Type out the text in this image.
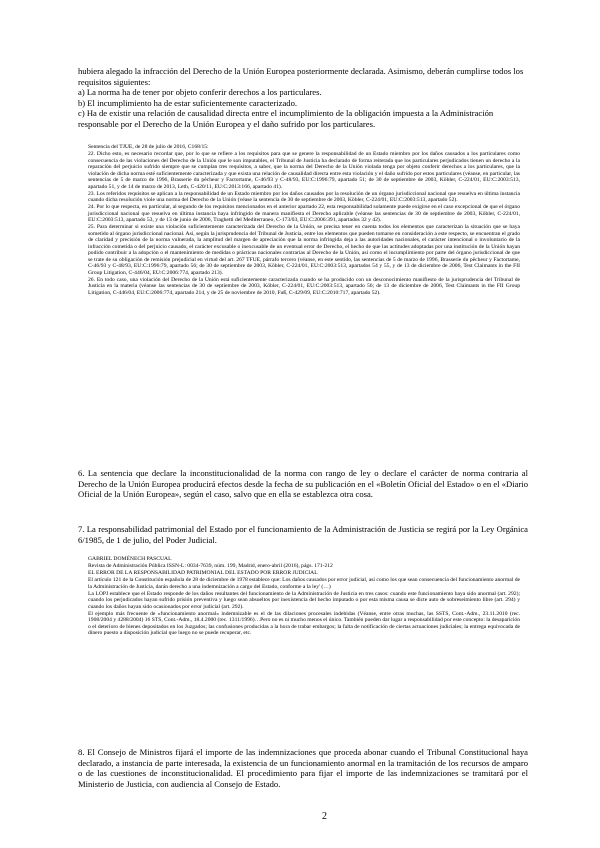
hubiera alegado la infracción del Derecho de la Unión Europea posteriormente declarada. Asimismo, deberán cumplirse todos los requisitos siguientes:
a) La norma ha de tener por objeto conferir derechos a los particulares.
b) El incumplimiento ha de estar suficientemente caracterizado.
c) Ha de existir una relación de causalidad directa entre el incumplimiento de la obligación impuesta a la Administración responsable por el Derecho de la Unión Europea y el daño sufrido por los particulares.
Sentencia del TJUE, de 28 de julio de 2016, C168/15:
22. Dicho esto, es necesario recordar que, por lo que se refiere a los requisitos para que se genere la responsabilidad de un Estado miembro por los daños causados a los particulares como consecuencia de las violaciones del Derecho de la Unión que le son imputables, el Tribunal de Justicia ha declarado de forma reiterada que los particulares perjudicados tienen un derecho a la reparación del perjuicio sufrido siempre que se cumplan tres requisitos, a saber, que la norma del Derecho de la Unión violada tenga por objeto conferir derechos a los particulares, que la violación de dicha norma esté suficientemente caracterizada y que exista una relación de causalidad directa entre esta violación y el daño sufrido por estos particulares (véanse, en particular, las sentencias de 5 de marzo de 1996, Brasserie du pêcheur y Factortame, C-46/93 y C-48/93, EU:C:1996:79, apartado 51; de 30 de septiembre de 2003, Köbler, C-224/01, EU:C:2003:513, apartado 51, y de 14 de marzo de 2013, Leth, C-420/11, EU:C:2013:166, apartado 41).
23. Los referidos requisitos se aplican a la responsabilidad de un Estado miembro por los daños causados por la resolución de un órgano jurisdiccional nacional que resuelva en última instancia cuando dicha resolución viole una norma del Derecho de la Unión (véase la sentencia de 30 de septiembre de 2003, Köbler, C-224/01, EU:C:2003:513, apartado 52).
24. Por lo que respecta, en particular, al segundo de los requisitos mencionados en el anterior apartado 22, esta responsabilidad solamente puede exigirse en el caso excepcional de que el órgano jurisdiccional nacional que resuelva en última instancia haya infringido de manera manifiesta el Derecho aplicable (véanse las sentencias de 30 de septiembre de 2003, Köbler, C-224/01, EU:C:2003:513, apartado 53, y de 13 de junio de 2006, Traghetti del Mediterraneo, C-173/03, EU:C:2006:391, apartados 32 y 42).
25. Para determinar si existe una violación suficientemente caracterizada del Derecho de la Unión, se precisa tener en cuenta todos los elementos que caracterizan la situación que se haya sometido al órgano jurisdiccional nacional. Así, según la jurisprudencia del Tribunal de Justicia, entre los elementos que pueden tomarse en consideración a este respecto, se encuentran el grado de claridad y precisión de la norma vulnerada, la amplitud del margen de apreciación que la norma infringida deja a las autoridades nacionales, el carácter intencional o involuntario de la infracción cometida o del perjuicio causado, el carácter excusable o inexcusable de un eventual error de Derecho, el hecho de que las actitudes adoptadas por una institución de la Unión hayan podido contribuir a la adopción o el mantenimiento de medidas o prácticas nacionales contrarias al Derecho de la Unión, así como el incumplimiento por parte del órgano jurisdiccional de que se trate de su obligación de remisión prejudicial en virtud del art. 267 TFUE, párrafo tercero (véanse, en este sentido, las sentencias de 5 de marzo de 1996, Brasserie du pêcheur y Factortame, C-46/93 y C-48/93, EU:C:1996:79, apartado 56; de 30 de septiembre de 2003, Köbler, C-224/01, EU:C:2003:513, apartados 54 y 55, y de 13 de diciembre de 2006, Test Claimants in the FII Group Litigation, C-446/04, EU:C:2006:774, apartado 213).
26. En todo caso, una violación del Derecho de la Unión está suficientemente caracterizada cuando se ha producido con un desconocimiento manifiesto de la jurisprudencia del Tribunal de Justicia en la materia (véanse las sentencias de 30 de septiembre de 2003, Köbler, C-224/01, EU:C:2003:513, apartado 56; de 13 de diciembre de 2006, Test Claimants in the FII Group Litigation, C-446/04, EU:C:2006:774, apartado 214, y de 25 de noviembre de 2010, Fuß, C-429/09, EU:C:2010:717, apartado 52).
6. La sentencia que declare la inconstitucionalidad de la norma con rango de ley o declare el carácter de norma contraria al Derecho de la Unión Europea producirá efectos desde la fecha de su publicación en el «Boletín Oficial del Estado» o en el «Diario Oficial de la Unión Europea», según el caso, salvo que en ella se establezca otra cosa.
7. La responsabilidad patrimonial del Estado por el funcionamiento de la Administración de Justicia se regirá por la Ley Orgánica 6/1985, de 1 de julio, del Poder Judicial.
GABRIEL DOMÉNECH PASCUAL
Revista de Administración Pública ISSN-L: 0034-7639, núm. 199, Madrid, enero-abril (2016), págs. 171-212
EL ERROR DE LA RESPONSABILIDAD PATRIMONIAL DEL ESTADO POR ERROR JUDICIAL
El artículo 121 de la Constitución española de 28 de diciembre de 1978 establece que: Los daños causados por error judicial, así como los que sean consecuencia del funcionamiento anormal de la Administración de Justicia, darán derecho a una indemnización a cargo del Estado, conforme a la ley' (…)
La LOPJ establece que el Estado responde de los daños resultantes del funcionamiento de la Administración de Justicia en tres casos: cuando este funcionamiento haya sido anormal (art. 292); cuando los perjudicados hayan sufrido prisión preventiva y luego sean absueltos por inexistencia del hecho imputado o por esta misma causa se dicte auto de sobreseimiento libre (art. 294) y cuando los daños hayan sido ocasionados por error judicial (art. 292).
El ejemplo más frecuente de «funcionamiento anormal» indemnizable es el de las dilaciones procesales indebidas (Véanse, entre otras muchas, las SSTS, Cont.-Adm., 23.11.2010 (rec. 1908/2004 y 4288/2004) 16 STS, Cont.-Adm., 18.4.2000 (rec. 1311/1996)…Pero no es ni mucho menos el único. También pueden dar lugar a responsabilidad por este concepto: la desaparición o el deterioro de bienes depositados en los Juzgados; las confusiones producidas a la hora de trabar embargos; la falta de notificación de ciertas actuaciones judiciales; la entrega equivocada de dinero puesto a disposición judicial que luego no se puede recuperar, etc.
8. El Consejo de Ministros fijará el importe de las indemnizaciones que proceda abonar cuando el Tribunal Constitucional haya declarado, a instancia de parte interesada, la existencia de un funcionamiento anormal en la tramitación de los recursos de amparo o de las cuestiones de inconstitucionalidad. El procedimiento para fijar el importe de las indemnizaciones se tramitará por el Ministerio de Justicia, con audiencia al Consejo de Estado.
2
